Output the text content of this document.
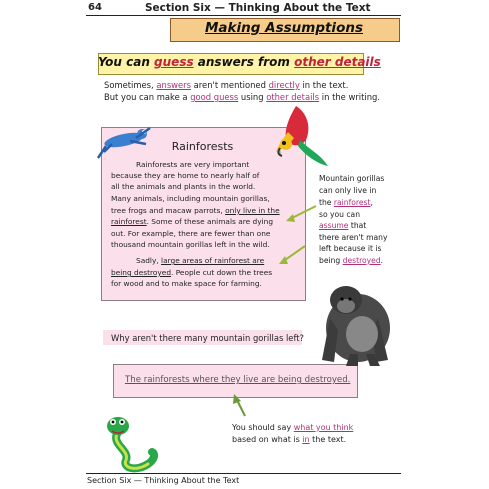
64	Section Six — Thinking About the Text
Making Assumptions
You can guess answers from other details
Sometimes, answers aren't mentioned directly in the text.
But you can make a good guess using other details in the writing.
Rainforests
Rainforests are very important
because they are home to nearly half of
all the animals and plants in the world.
Many animals, including mountain gorillas,
tree frogs and macaw parrots, only live in the
rainforest. Some of these animals are dying
out. For example, there are fewer than one
thousand mountain gorillas left in the wild.
Sadly, large areas of rainforest are
being destroyed. People cut down the trees
for wood and to make space for farming.
Mountain gorillas
can only live in
the rainforest,
so you can
assume that
there aren't many
left because it is
being destroyed.
Why aren't there many mountain gorillas left?
The rainforests where they live are being destroyed.
You should say what you think
based on what is in the text.
Section Six — Thinking About the Text
